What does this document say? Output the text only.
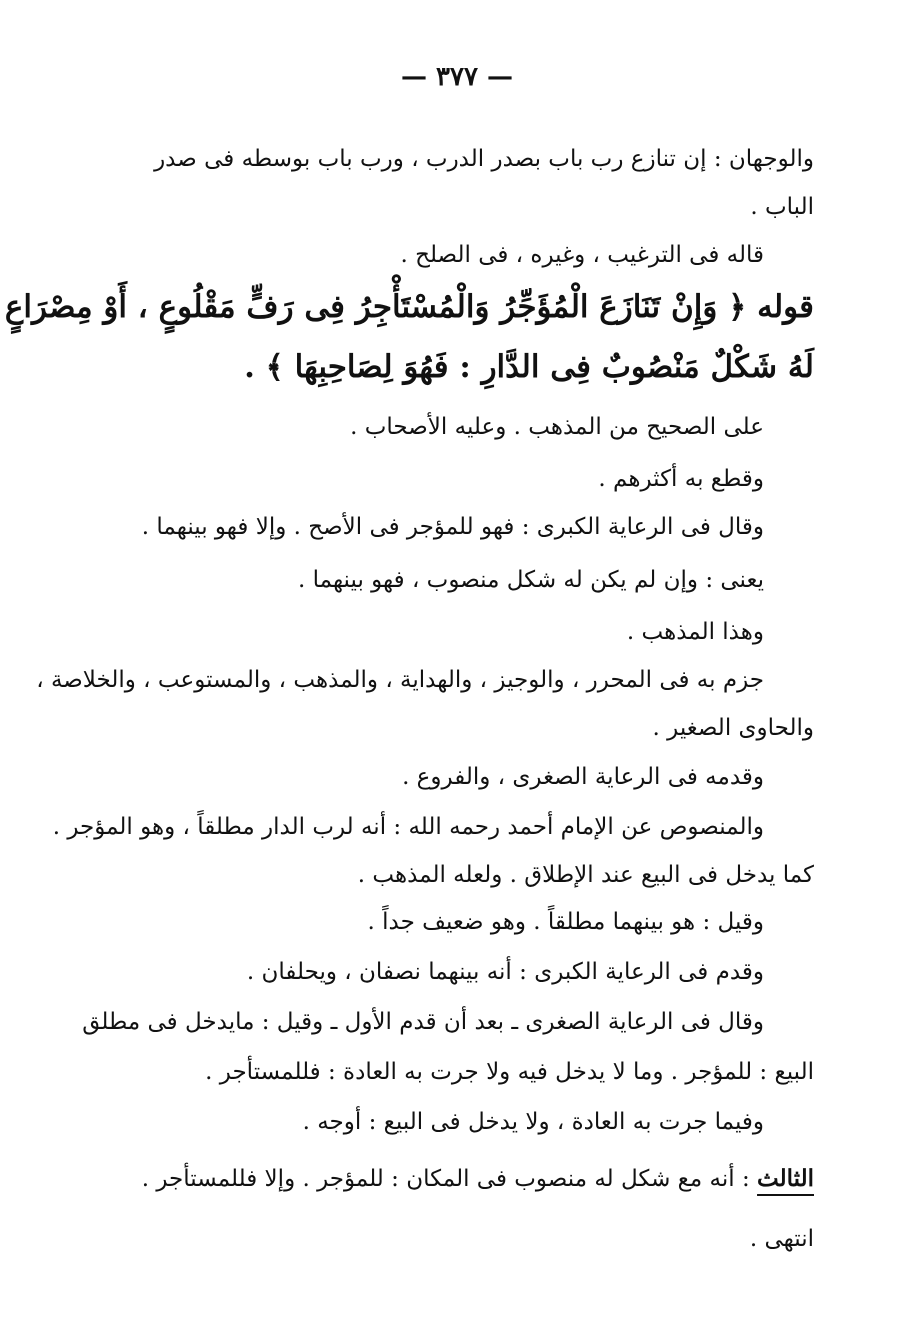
— ٣٧٧ —
والوجهان : إن تنازع رب باب بصدر الدرب ، ورب باب بوسطه فى صدر
الباب .
قاله فى الترغيب ، وغيره ، فى الصلح .
قوله ﴿ وَإِنْ تَنَازَعَ الْمُؤَجِّرُ وَالْمُسْتَأْجِرُ فِى رَفٍّ مَقْلُوعٍ ، أَوْ مِصْرَاعٍ
لَهُ شَكْلٌ مَنْصُوبٌ فِى الدَّارِ : فَهُوَ لِصَاحِبِهَا ﴾ .
على الصحيح من المذهب . وعليه الأصحاب .
وقطع به أكثرهم .
وقال فى الرعاية الكبرى : فهو للمؤجر فى الأصح . وإلا فهو بينهما .
يعنى : وإن لم يكن له شكل منصوب ، فهو بينهما .
وهذا المذهب .
جزم به فى المحرر ، والوجيز ، والهداية ، والمذهب ، والمستوعب ، والخلاصة ،
والحاوى الصغير .
وقدمه فى الرعاية الصغرى ، والفروع .
والمنصوص عن الإمام أحمد رحمه الله : أنه لرب الدار مطلقاً ، وهو المؤجر .
كما يدخل فى البيع عند الإطلاق . ولعله المذهب .
وقيل : هو بينهما مطلقاً . وهو ضعيف جداً .
وقدم فى الرعاية الكبرى : أنه بينهما نصفان ، ويحلفان .
وقال فى الرعاية الصغرى ـ بعد أن قدم الأول ـ وقيل : مايدخل فى مطلق
البيع : للمؤجر . وما لا يدخل فيه ولا جرت به العادة : فللمستأجر .
وفيما جرت به العادة ، ولا يدخل فى البيع : أوجه .
الثالث : أنه مع شكل له منصوب فى المكان : للمؤجر . وإلا فللمستأجر .
انتهى .
